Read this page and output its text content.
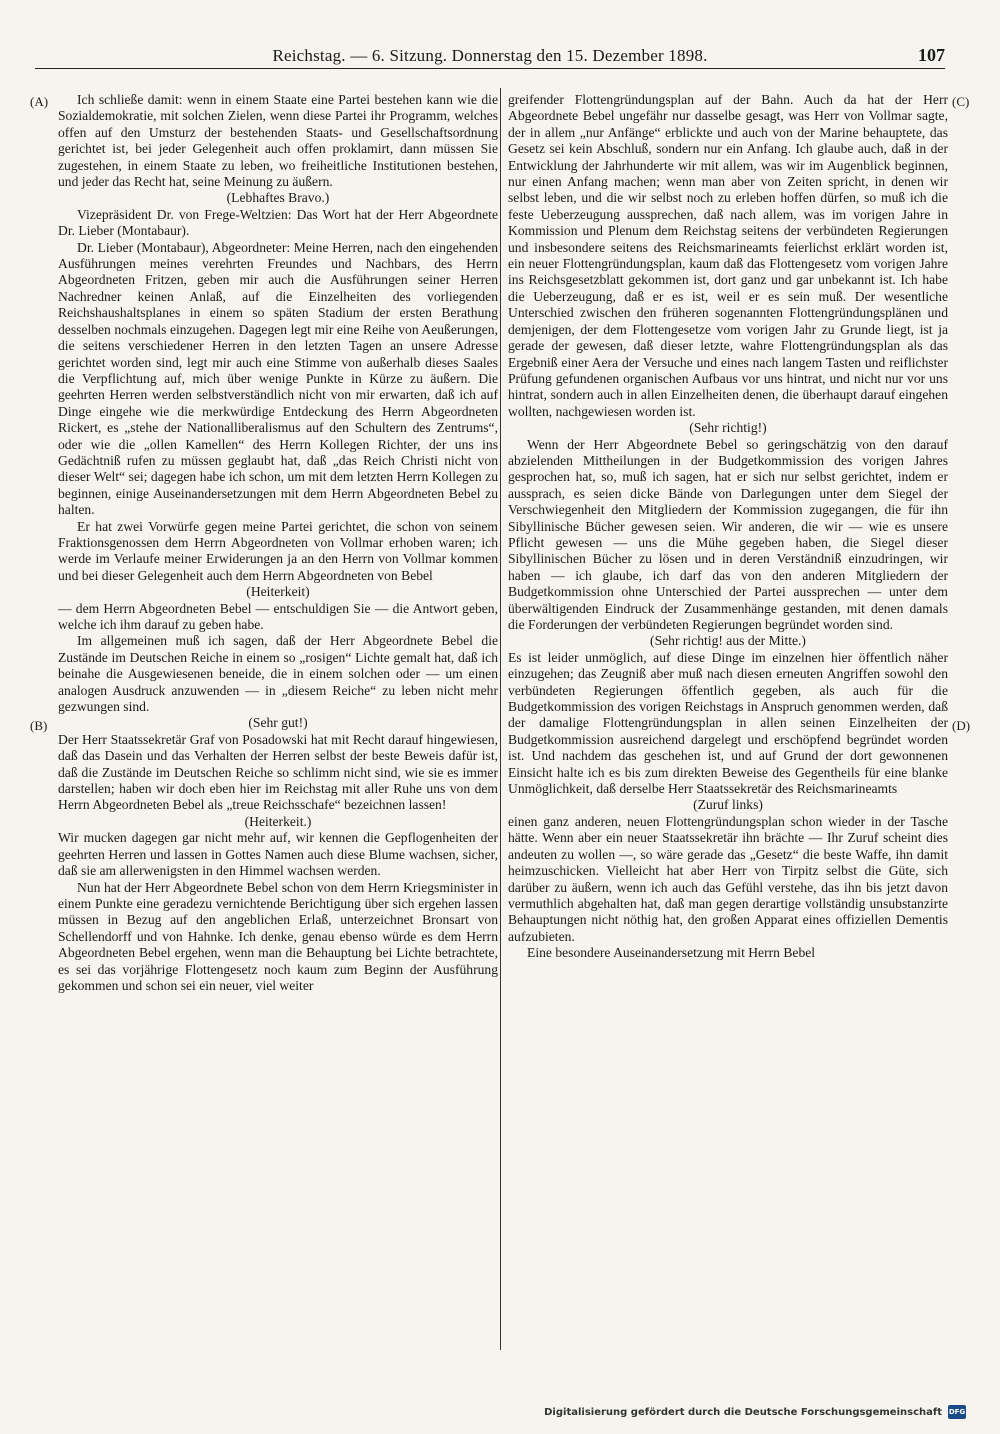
Reichstag. — 6. Sitzung. Donnerstag den 15. Dezember 1898.	107
(A)
(B)
(C)
(D)

Ich schließe damit: wenn in einem Staate eine Partei bestehen kann wie die Sozialdemokratie, mit solchen Zielen, wenn diese Partei ihr Programm, welches offen auf den Umsturz der bestehenden Staats- und Gesellschaftsordnung gerichtet ist, bei jeder Gelegenheit auch offen proklamirt, dann müssen Sie zugestehen, in einem Staate zu leben, wo freiheitliche Institutionen bestehen, und jeder das Recht hat, seine Meinung zu äußern.

(Lebhaftes Bravo.)

Vizepräsident Dr. von Frege-Weltzien: Das Wort hat der Herr Abgeordnete Dr. Lieber (Montabaur).

Dr. Lieber (Montabaur), Abgeordneter: Meine Herren, nach den eingehenden Ausführungen meines verehrten Freundes und Nachbars, des Herrn Abgeordneten Fritzen, geben mir auch die Ausführungen seiner Herren Nachredner keinen Anlaß, auf die Einzelheiten des vorliegenden Reichshaushaltsplanes in einem so späten Stadium der ersten Berathung desselben nochmals einzugehen. Dagegen legt mir eine Reihe von Aeußerungen, die seitens verschiedener Herren in den letzten Tagen an unsere Adresse gerichtet worden sind, legt mir auch eine Stimme von außerhalb dieses Saales die Verpflichtung auf, mich über wenige Punkte in Kürze zu äußern. Die geehrten Herren werden selbstverständlich nicht von mir erwarten, daß ich auf Dinge eingehe wie die merkwürdige Entdeckung des Herrn Abgeordneten Rickert, es „stehe der Nationalliberalismus auf den Schultern des Zentrums“, oder wie die „ollen Kamellen“ des Herrn Kollegen Richter, der uns ins Gedächtniß rufen zu müssen geglaubt hat, daß „das Reich Christi nicht von dieser Welt“ sei; dagegen habe ich schon, um mit dem letzten Herrn Kollegen zu beginnen, einige Auseinandersetzungen mit dem Herrn Abgeordneten Bebel zu halten.

Er hat zwei Vorwürfe gegen meine Partei gerichtet, die schon von seinem Fraktionsgenossen dem Herrn Abgeordneten von Vollmar erhoben waren; ich werde im Verlaufe meiner Erwiderungen ja an den Herrn von Vollmar kommen und bei dieser Gelegenheit auch dem Herrn Abgeordneten von Bebel

(Heiterkeit)

— dem Herrn Abgeordneten Bebel — entschuldigen Sie — die Antwort geben, welche ich ihm darauf zu geben habe.

Im allgemeinen muß ich sagen, daß der Herr Abgeordnete Bebel die Zustände im Deutschen Reiche in einem so „rosigen“ Lichte gemalt hat, daß ich beinahe die Ausgewiesenen beneide, die in einem solchen oder — um einen analogen Ausdruck anzuwenden — in „diesem Reiche“ zu leben nicht mehr gezwungen sind.

(Sehr gut!)

Der Herr Staatssekretär Graf von Posadowski hat mit Recht darauf hingewiesen, daß das Dasein und das Verhalten der Herren selbst der beste Beweis dafür ist, daß die Zustände im Deutschen Reiche so schlimm nicht sind, wie sie es immer darstellen; haben wir doch eben hier im Reichstag mit aller Ruhe uns von dem Herrn Abgeordneten Bebel als „treue Reichsschafe“ bezeichnen lassen!

(Heiterkeit.)

Wir mucken dagegen gar nicht mehr auf, wir kennen die Gepflogenheiten der geehrten Herren und lassen in Gottes Namen auch diese Blume wachsen, sicher, daß sie am allerwenigsten in den Himmel wachsen werden.

Nun hat der Herr Abgeordnete Bebel schon von dem Herrn Kriegsminister in einem Punkte eine geradezu vernichtende Berichtigung über sich ergehen lassen müssen in Bezug auf den angeblichen Erlaß, unterzeichnet Bronsart von Schellendorff und von Hahnke. Ich denke, genau ebenso würde es dem Herrn Abgeordneten Bebel ergehen, wenn man die Behauptung bei Lichte betrachtete, es sei das vorjährige Flottengesetz noch kaum zum Beginn der Ausführung gekommen und schon sei ein neuer, viel weiter

greifender Flottengründungsplan auf der Bahn. Auch da hat der Herr Abgeordnete Bebel ungefähr nur dasselbe gesagt, was Herr von Vollmar sagte, der in allem „nur Anfänge“ erblickte und auch von der Marine behauptete, das Gesetz sei kein Abschluß, sondern nur ein Anfang. Ich glaube auch, daß in der Entwicklung der Jahrhunderte wir mit allem, was wir im Augenblick beginnen, nur einen Anfang machen; wenn man aber von Zeiten spricht, in denen wir selbst leben, und die wir selbst noch zu erleben hoffen dürfen, so muß ich die feste Ueberzeugung aussprechen, daß nach allem, was im vorigen Jahre in Kommission und Plenum dem Reichstag seitens der verbündeten Regierungen und insbesondere seitens des Reichsmarineamts feierlichst erklärt worden ist, ein neuer Flottengründungsplan, kaum daß das Flottengesetz vom vorigen Jahre ins Reichsgesetzblatt gekommen ist, dort ganz und gar unbekannt ist. Ich habe die Ueberzeugung, daß er es ist, weil er es sein muß. Der wesentliche Unterschied zwischen den früheren sogenannten Flottengründungsplänen und demjenigen, der dem Flottengesetze vom vorigen Jahr zu Grunde liegt, ist ja gerade der gewesen, daß dieser letzte, wahre Flottengründungsplan als das Ergebniß einer Aera der Versuche und eines nach langem Tasten und reiflichster Prüfung gefundenen organischen Aufbaus vor uns hintrat, und nicht nur vor uns hintrat, sondern auch in allen Einzelheiten denen, die überhaupt darauf eingehen wollten, nachgewiesen worden ist.

(Sehr richtig!)

Wenn der Herr Abgeordnete Bebel so geringschätzig von den darauf abzielenden Mittheilungen in der Budgetkommission des vorigen Jahres gesprochen hat, so, muß ich sagen, hat er sich nur selbst gerichtet, indem er aussprach, es seien dicke Bände von Darlegungen unter dem Siegel der Verschwiegenheit den Mitgliedern der Kommission zugegangen, die für ihn Sibyllinische Bücher gewesen seien. Wir anderen, die wir — wie es unsere Pflicht gewesen — uns die Mühe gegeben haben, die Siegel dieser Sibyllinischen Bücher zu lösen und in deren Verständniß einzudringen, wir haben — ich glaube, ich darf das von den anderen Mitgliedern der Budgetkommission ohne Unterschied der Partei aussprechen — unter dem überwältigenden Eindruck der Zusammenhänge gestanden, mit denen damals die Forderungen der verbündeten Regierungen begründet worden sind.

(Sehr richtig! aus der Mitte.)

Es ist leider unmöglich, auf diese Dinge im einzelnen hier öffentlich näher einzugehen; das Zeugniß aber muß nach diesen erneuten Angriffen sowohl den verbündeten Regierungen öffentlich gegeben, als auch für die Budgetkommission des vorigen Reichstags in Anspruch genommen werden, daß der damalige Flottengründungsplan in allen seinen Einzelheiten der Budgetkommission ausreichend dargelegt und erschöpfend begründet worden ist. Und nachdem das geschehen ist, und auf Grund der dort gewonnenen Einsicht halte ich es bis zum direkten Beweise des Gegentheils für eine blanke Unmöglichkeit, daß derselbe Herr Staatssekretär des Reichsmarineamts

(Zuruf links)

einen ganz anderen, neuen Flottengründungsplan schon wieder in der Tasche hätte. Wenn aber ein neuer Staatssekretär ihn brächte — Ihr Zuruf scheint dies andeuten zu wollen —, so wäre gerade das „Gesetz“ die beste Waffe, ihn damit heimzuschicken. Vielleicht hat aber Herr von Tirpitz selbst die Güte, sich darüber zu äußern, wenn ich auch das Gefühl verstehe, das ihn bis jetzt davon vermuthlich abgehalten hat, daß man gegen derartige vollständig unsubstanzirte Behauptungen nicht nöthig hat, den großen Apparat eines offiziellen Dementis aufzubieten.

Eine besondere Auseinandersetzung mit Herrn Bebel

Digitalisierung gefördert durch die Deutsche Forschungsgemeinschaft DFG
